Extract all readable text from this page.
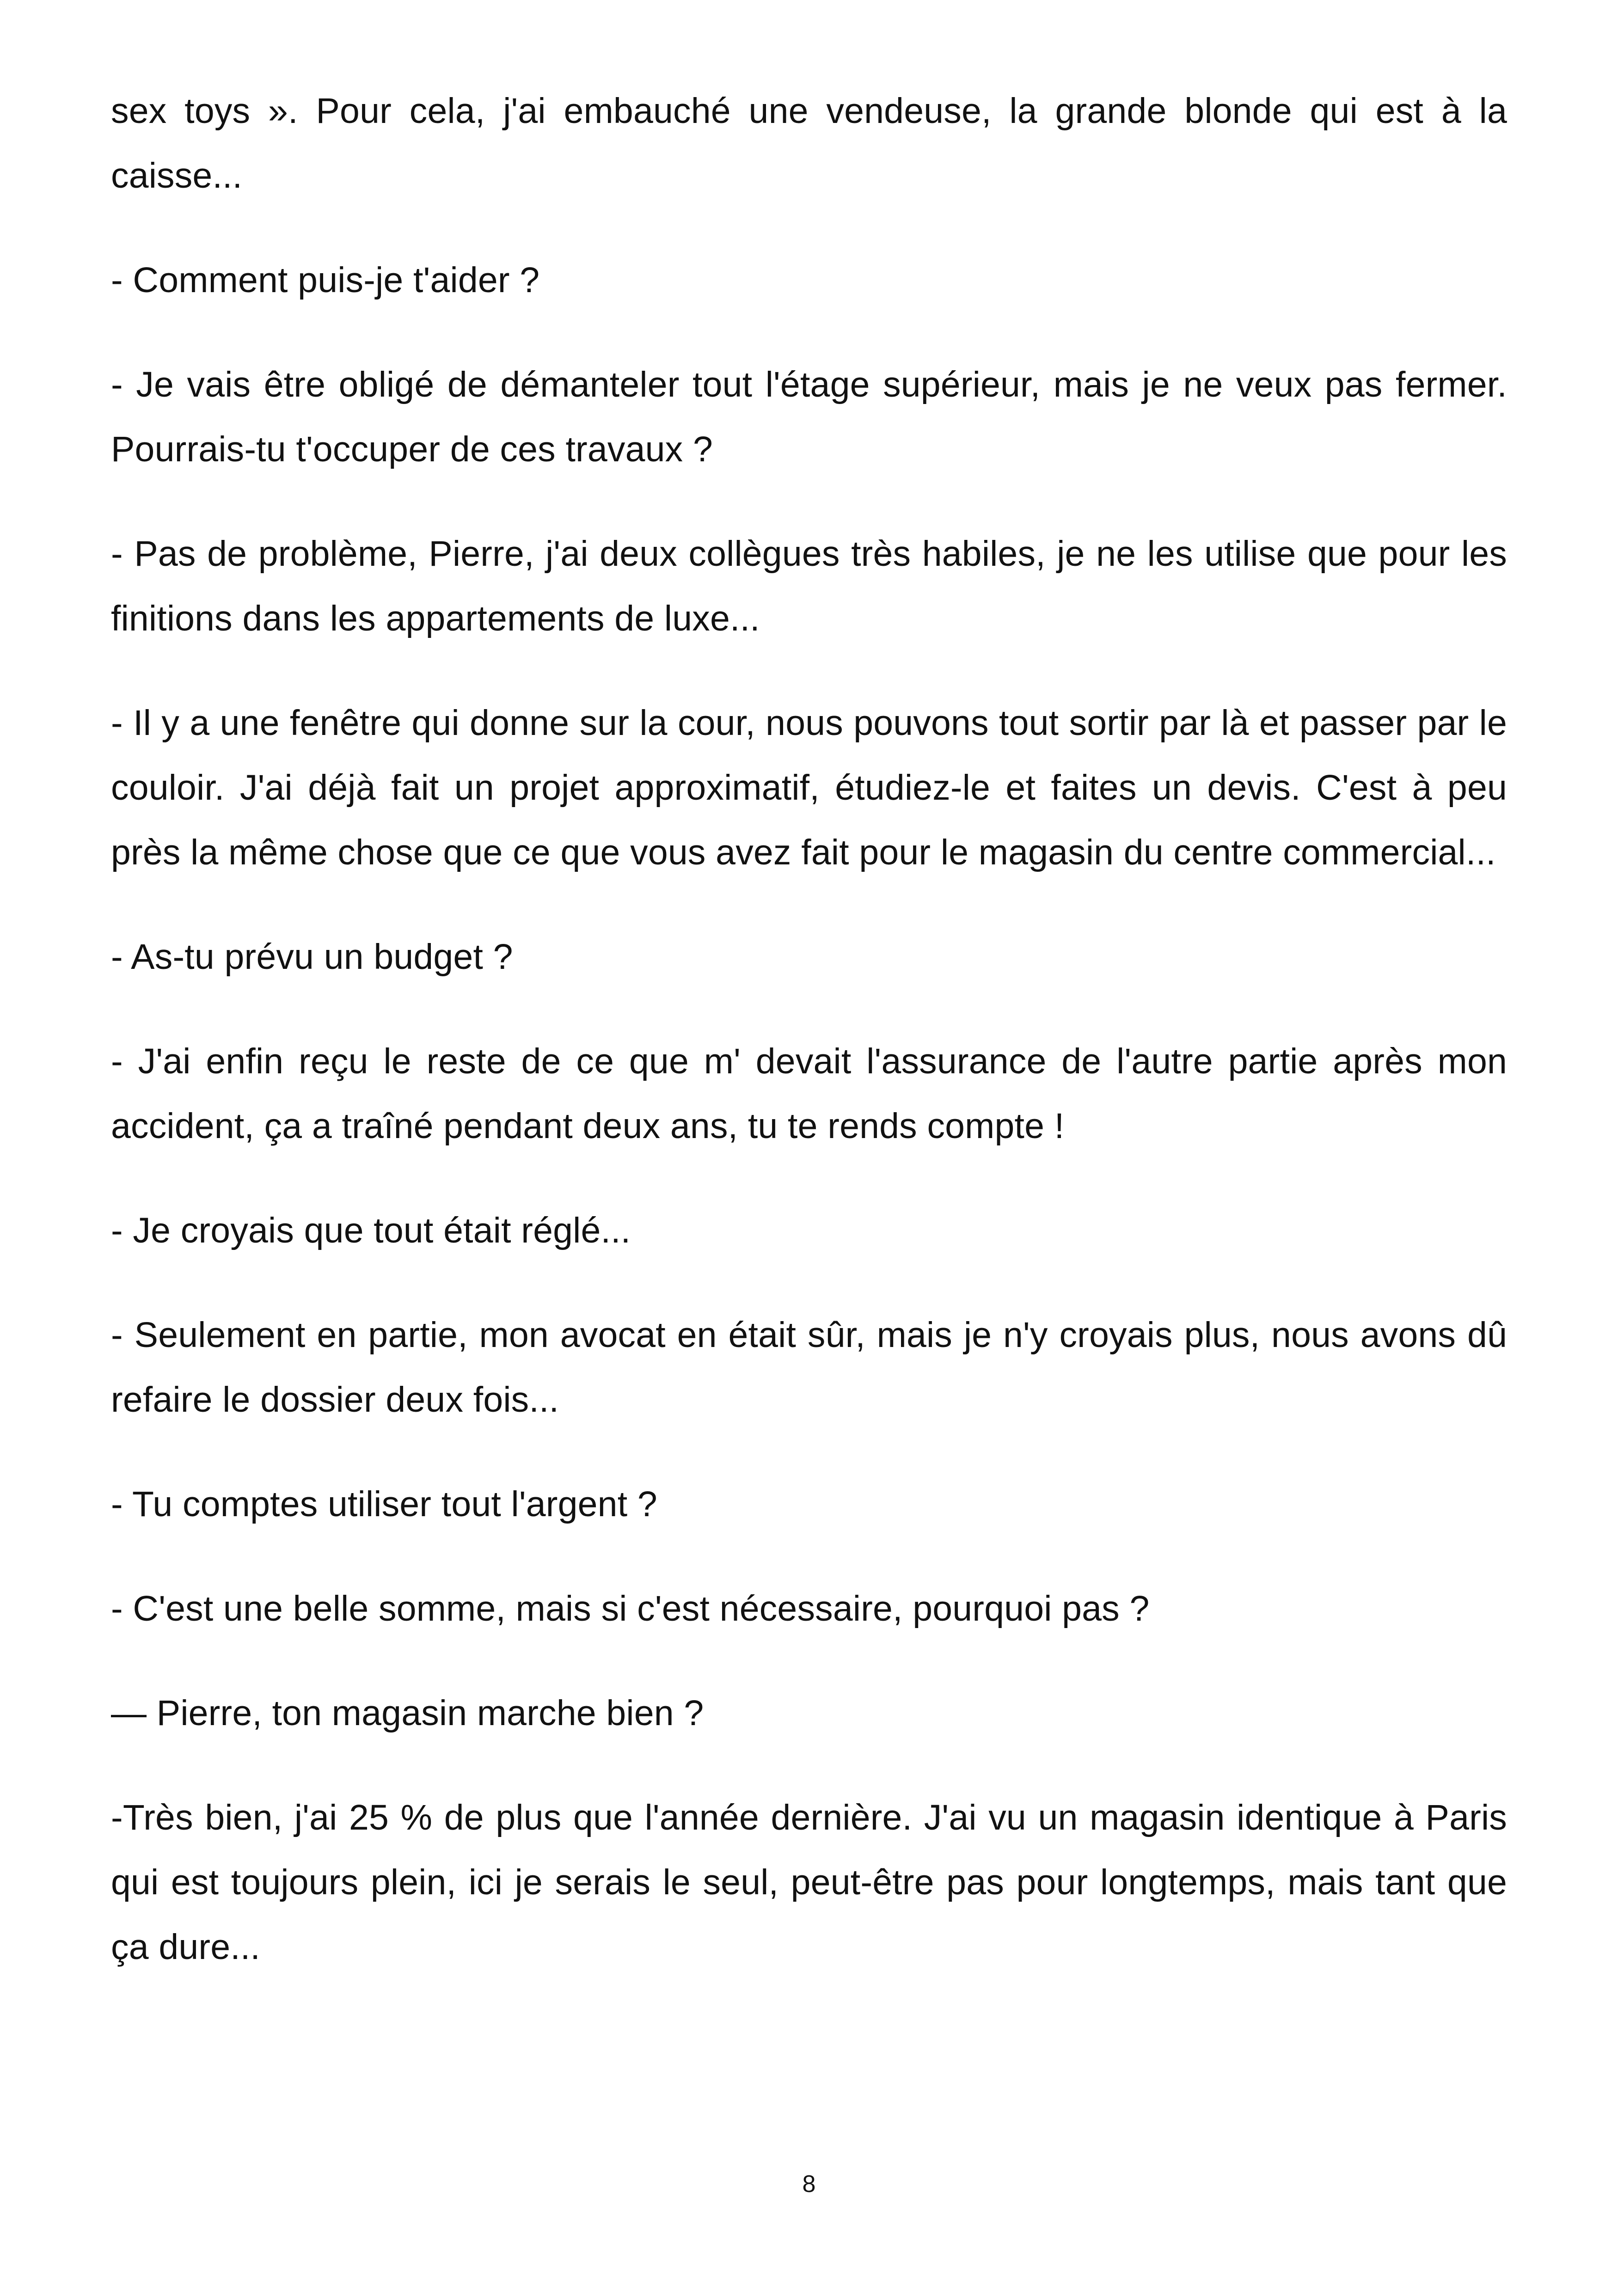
sex toys ». Pour cela, j'ai embauché une vendeuse, la grande blonde qui est à la caisse...

- Comment puis-je t'aider ?

- Je vais être obligé de démanteler tout l'étage supérieur, mais je ne veux pas fermer. Pourrais-tu t'occuper de ces travaux ?

- Pas de problème, Pierre, j'ai deux collègues très habiles, je ne les utilise que pour les finitions dans les appartements de luxe...

- Il y a une fenêtre qui donne sur la cour, nous pouvons tout sortir par là et passer par le couloir. J'ai déjà fait un projet approximatif, étudiez-le et faites un devis. C'est à peu près la même chose que ce que vous avez fait pour le magasin du centre commercial...

- As-tu prévu un budget ?

- J'ai enfin reçu le reste de ce que m' devait l'assurance de l'autre partie après mon accident, ça a traîné pendant deux ans, tu te rends compte !

- Je croyais que tout était réglé...

- Seulement en partie, mon avocat en était sûr, mais je n'y croyais plus, nous avons dû refaire le dossier deux fois...

- Tu comptes utiliser tout l'argent ?

- C'est une belle somme, mais si c'est nécessaire, pourquoi pas ?

— Pierre, ton magasin marche bien ?

-Très bien, j'ai 25 % de plus que l'année dernière. J'ai vu un magasin identique à Paris qui est toujours plein, ici je serais le seul, peut-être pas pour longtemps, mais tant que ça dure...

8
